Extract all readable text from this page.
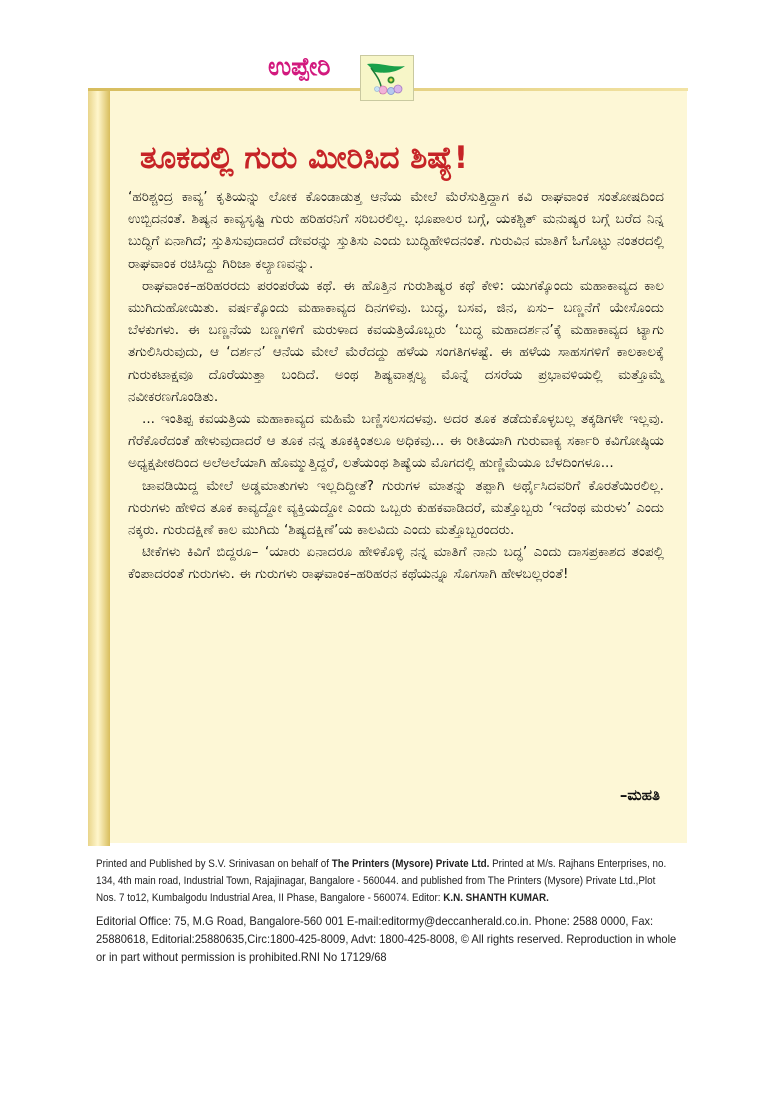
ಉಪ್ಪೇರಿ
ತೂಕದಲ್ಲಿ ಗುರು ಮೀರಿಸಿದ ಶಿಷ್ಯೆ!

‘ಹರಿಶ್ಚಂದ್ರ ಕಾವ್ಯ’ ಕೃತಿಯನ್ನು ಲೋಕ ಕೊಂಡಾಡುತ್ತ ಆನೆಯ ಮೇಲೆ ಮೆರೆಸುತ್ತಿದ್ದಾಗ ಕವಿ ರಾಘವಾಂಕ ಸಂತೋಷದಿಂದ ಉಬ್ಬಿದನಂತೆ. ಶಿಷ್ಯನ ಕಾವ್ಯಸೃಷ್ಟಿ ಗುರು ಹರಿಹರನಿಗೆ ಸರಿಬರಲಿಲ್ಲ. ಭೂಪಾಲರ ಬಗ್ಗೆ, ಯಕಶ್ಚಿತ್ ಮನುಷ್ಯರ ಬಗ್ಗೆ ಬರೆದ ನಿನ್ನ ಬುದ್ಧಿಗೆ ಏನಾಗಿದೆ; ಸ್ತುತಿಸುವುದಾದರೆ ದೇವರನ್ನು ಸ್ತುತಿಸು ಎಂದು ಬುದ್ಧಿಹೇಳಿದನಂತೆ. ಗುರುವಿನ ಮಾತಿಗೆ ಓಗೊಟ್ಟು ನಂತರದಲ್ಲಿ ರಾಘವಾಂಕ ರಚಿಸಿದ್ದು ಗಿರಿಜಾ ಕಲ್ಯಾಣವನ್ನು.

ರಾಘವಾಂಕ–ಹರಿಹರರದು ಪರಂಪರೆಯ ಕಥೆ. ಈ ಹೊತ್ತಿನ ಗುರುಶಿಷ್ಯರ ಕಥೆ ಕೇಳಿ: ಯುಗಕ್ಕೊಂದು ಮಹಾಕಾವ್ಯದ ಕಾಲ ಮುಗಿದುಹೋಯಿತು. ವರ್ಷಕ್ಕೊಂದು ಮಹಾಕಾವ್ಯದ ದಿನಗಳಿವು. ಬುದ್ಧ, ಬಸವ, ಜಿನ, ಏಸು– ಬಣ್ಣನೆಗೆ ಯೇಸೊಂದು ಬೆಳಕುಗಳು. ಈ ಬಣ್ಣನೆಯ ಬಣ್ಣಗಳಿಗೆ ಮರುಳಾದ ಕವಯತ್ರಿಯೊಬ್ಬರು ‘ಬುದ್ಧ ಮಹಾದರ್ಶನ’ಕ್ಕೆ ಮಹಾಕಾವ್ಯದ ಟ್ಯಾಗು ತಗುಲಿಸಿರುವುದು, ಆ ‘ದರ್ಶನ’ ಆನೆಯ ಮೇಲೆ ಮೆರೆದದ್ದು ಹಳೆಯ ಸಂಗತಿಗಳಷ್ಟೆ. ಈ ಹಳೆಯ ಸಾಹಸಗಳಿಗೆ ಕಾಲಕಾಲಕ್ಕೆ ಗುರುಕಟಾಕ್ಷವೂ ದೊರೆಯುತ್ತಾ ಬಂದಿದೆ. ಅಂಥ ಶಿಷ್ಯವಾತ್ಸಲ್ಯ ಮೊನ್ನೆ ದಸರೆಯ ಪ್ರಭಾವಳಿಯಲ್ಲಿ ಮತ್ತೊಮ್ಮೆ ನವೀಕರಣಗೊಂಡಿತು.

... ಇಂತಿಪ್ಪ ಕವಯತ್ರಿಯ ಮಹಾಕಾವ್ಯದ ಮಹಿಮೆ ಬಣ್ಣಿಸಲಸದಳವು. ಅದರ ತೂಕ ತಡೆದುಕೊಳ್ಳಬಲ್ಲ ತಕ್ಕಡಿಗಳೇ ಇಲ್ಲವು. ಗೆರೆಕೊರೆದಂತೆ ಹೇಳುವುದಾದರೆ ಆ ತೂಕ ನನ್ನ ತೂಕಕ್ಕಿಂತಲೂ ಅಧಿಕವು... ಈ ರೀತಿಯಾಗಿ ಗುರುವಾಕ್ಯ ಸರ್ಕಾರಿ ಕವಿಗೋಷ್ಠಿಯ ಅಧ್ಯಕ್ಷಪೀಠದಿಂದ ಅಲೆಅಲೆಯಾಗಿ ಹೊಮ್ಮುತ್ತಿದ್ದರೆ, ಲತೆಯಂಥ ಶಿಷ್ಯೆಯ ಮೊಗದಲ್ಲಿ ಹುಣ್ಣಿಮೆಯೂ ಬೆಳದಿಂಗಳೂ...

ಚಾವಡಿಯಿದ್ದ ಮೇಲೆ ಅಡ್ಡಮಾತುಗಳು ಇಲ್ಲದಿದ್ದೀತೆ? ಗುರುಗಳ ಮಾತನ್ನು ತಪ್ಪಾಗಿ ಅರ್ಥೈಸಿದವರಿಗೆ ಕೊರತೆಯಿರಲಿಲ್ಲ. ಗುರುಗಳು ಹೇಳಿದ ತೂಕ ಕಾವ್ಯದ್ದೋ ವ್ಯಕ್ತಿಯದ್ದೋ ಎಂದು ಒಬ್ಬರು ಕುಹಕವಾಡಿದರೆ, ಮತ್ತೊಬ್ಬರು ‘ಇದೆಂಥ ಮರುಳು’ ಎಂದು ನಕ್ಕರು. ಗುರುದಕ್ಷಿಣೆ ಕಾಲ ಮುಗಿದು ‘ಶಿಷ್ಯದಕ್ಷಿಣೆ’ಯ ಕಾಲವಿದು ಎಂದು ಮತ್ತೊಬ್ಬರಂದರು.

ಟೀಕೆಗಳು ಕಿವಿಗೆ ಬಿದ್ದರೂ– ‘ಯಾರು ಏನಾದರೂ ಹೇಳಿಕೊಳ್ಳಿ ನನ್ನ ಮಾತಿಗೆ ನಾನು ಬದ್ಧ’ ಎಂದು ದಾಸಪ್ರಕಾಶದ ತಂಪಲ್ಲಿ ಕೆಂಪಾದರಂತೆ ಗುರುಗಳು. ಈ ಗುರುಗಳು ರಾಘವಾಂಕ–ಹರಿಹರನ ಕಥೆಯನ್ನೂ ಸೊಗಸಾಗಿ ಹೇಳಬಲ್ಲರಂತೆ!

–ಮಹತಿ

Printed and Published by S.V. Srinivasan on behalf of The Printers (Mysore) Private Ltd. Printed at M/s. Rajhans Enterprises, no. 134, 4th main road, Industrial Town, Rajajinagar, Bangalore - 560044. and published from The Printers (Mysore) Private Ltd.,Plot Nos. 7 to12, Kumbalgodu Industrial Area, II Phase, Bangalore - 560074. Editor: K.N. SHANTH KUMAR.

Editorial Office: 75, M.G Road, Bangalore-560 001 E-mail:editormy@deccanherald.co.in. Phone: 2588 0000, Fax: 25880618, Editorial:25880635,Circ:1800-425-8009, Advt: 1800-425-8008, © All rights reserved. Reproduction in whole or in part without permission is prohibited.RNI No 17129/68
